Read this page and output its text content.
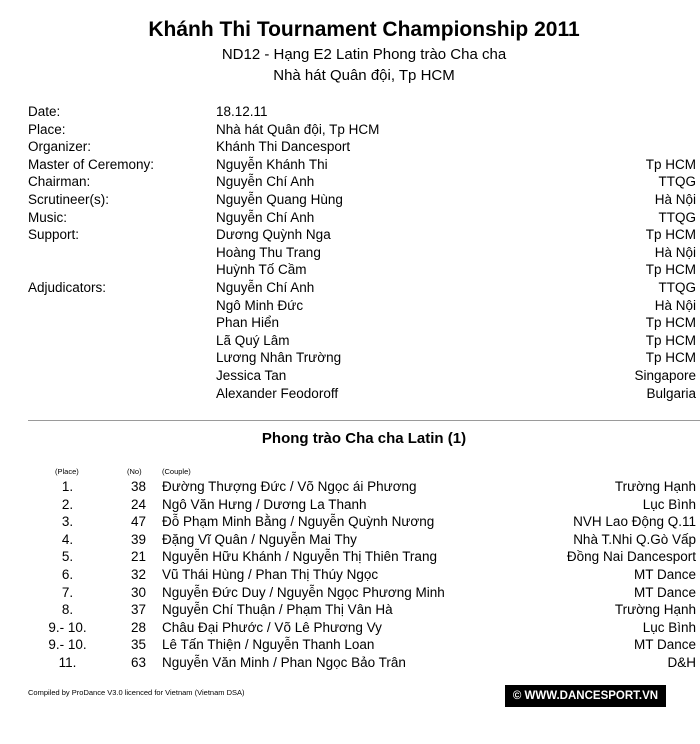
Khánh Thi Tournament Championship 2011
ND12 - Hạng E2 Latin Phong trào Cha cha
Nhà hát Quân đội, Tp HCM
Date:	18.12.11
Place:	Nhà hát Quân đội, Tp HCM
Organizer:	Khánh Thi Dancesport
Master of Ceremony:	Nguyễn Khánh Thi	Tp HCM
Chairman:	Nguyễn Chí Anh	TTQG
Scrutineer(s):	Nguyễn Quang Hùng	Hà Nội
Music:	Nguyễn Chí Anh	TTQG
Support:	Dương Quỳnh Nga	Tp HCM
Hoàng Thu Trang	Hà Nội
Huỳnh Tố Cầm	Tp HCM
Adjudicators:	Nguyễn Chí Anh	TTQG
Ngô Minh Đức	Hà Nội
Phan Hiển	Tp HCM
Lã Quý Lâm	Tp HCM
Lương Nhân Trường	Tp HCM
Jessica Tan	Singapore
Alexander Feodoroff	Bulgaria
Phong trào Cha cha Latin (1)
(Place)	(No)	(Couple)
1.	38 Đường Thượng Đức / Võ Ngọc ái Phương	Trường Hạnh
2.	24 Ngô Văn Hưng / Dương La Thanh	Lục Bình
3.	47 Đỗ Phạm Minh Bằng / Nguyễn Quỳnh Nương	NVH Lao Động Q.11
4.	39 Đặng Vĩ Quân / Nguyễn Mai Thy	Nhà T.Nhi Q.Gò Vấp
5.	21 Nguyễn Hữu Khánh / Nguyễn Thị Thiên Trang	Đồng Nai Dancesport
6.	32 Vũ Thái Hùng / Phan Thị Thúy Ngọc	MT Dance
7.	30 Nguyễn Đức Duy / Nguyễn Ngọc Phương Minh	MT Dance
8.	37 Nguyễn Chí Thuận / Phạm Thị Vân Hà	Trường Hạnh
9.- 10.	28 Châu Đại Phước / Võ Lê Phương Vy	Lục Bình
9.- 10.	35 Lê Tấn Thiện / Nguyễn Thanh Loan	MT Dance
11.	63 Nguyễn Văn Minh / Phan Ngọc Bảo Trân	D&H
Compiled by ProDance V3.0 licenced for Vietnam (Vietnam DSA)	© WWW.DANCESPORT.VN
